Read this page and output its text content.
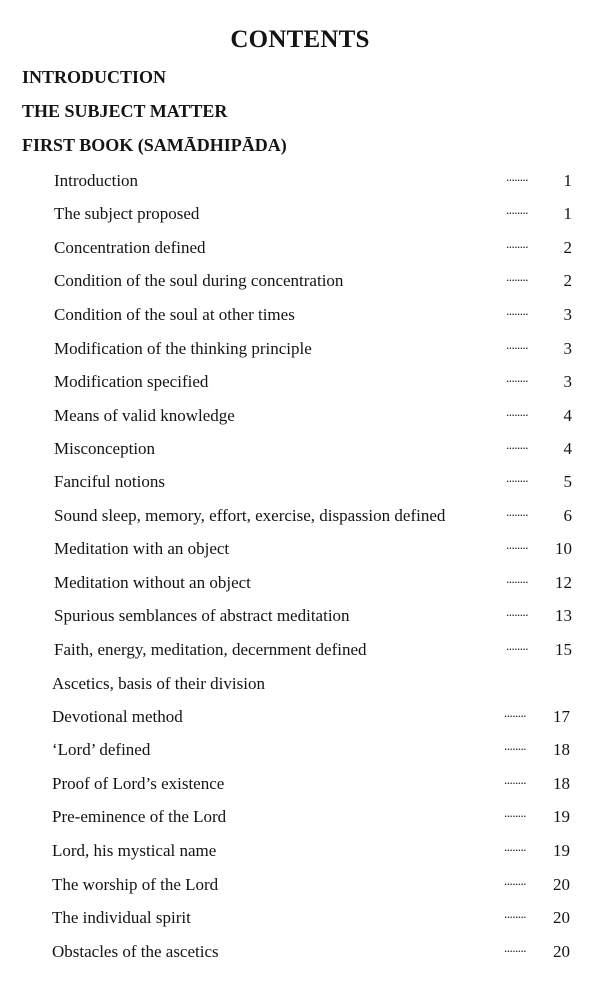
CONTENTS
INTRODUCTION
THE SUBJECT MATTER
FIRST BOOK (SAMĀDHIPĀDA)
Introduction	........ 1
The subject proposed	........ 1
Concentration defined	........ 2
Condition of the soul during concentration	........ 2
Condition of the soul at other times	........ 3
Modification of the thinking principle	........ 3
Modification specified	........ 3
Means of valid knowledge	........ 4
Misconception	........ 4
Fanciful notions	........ 5
Sound sleep, memory, effort, exercise, dispassion defined	........ 6
Meditation with an object	........ 10
Meditation without an object	........ 12
Spurious semblances of abstract meditation	........ 13
Faith, energy, meditation, decernment defined	........ 15
Ascetics, basis of their division
Devotional method	........ 17
‘Lord’ defined	........ 18
Proof of Lord’s existence	........ 18
Pre-eminence of the Lord	........ 19
Lord, his mystical name	........ 19
The worship of the Lord	........ 20
The individual spirit	........ 20
Obstacles of the ascetics	........ 20
